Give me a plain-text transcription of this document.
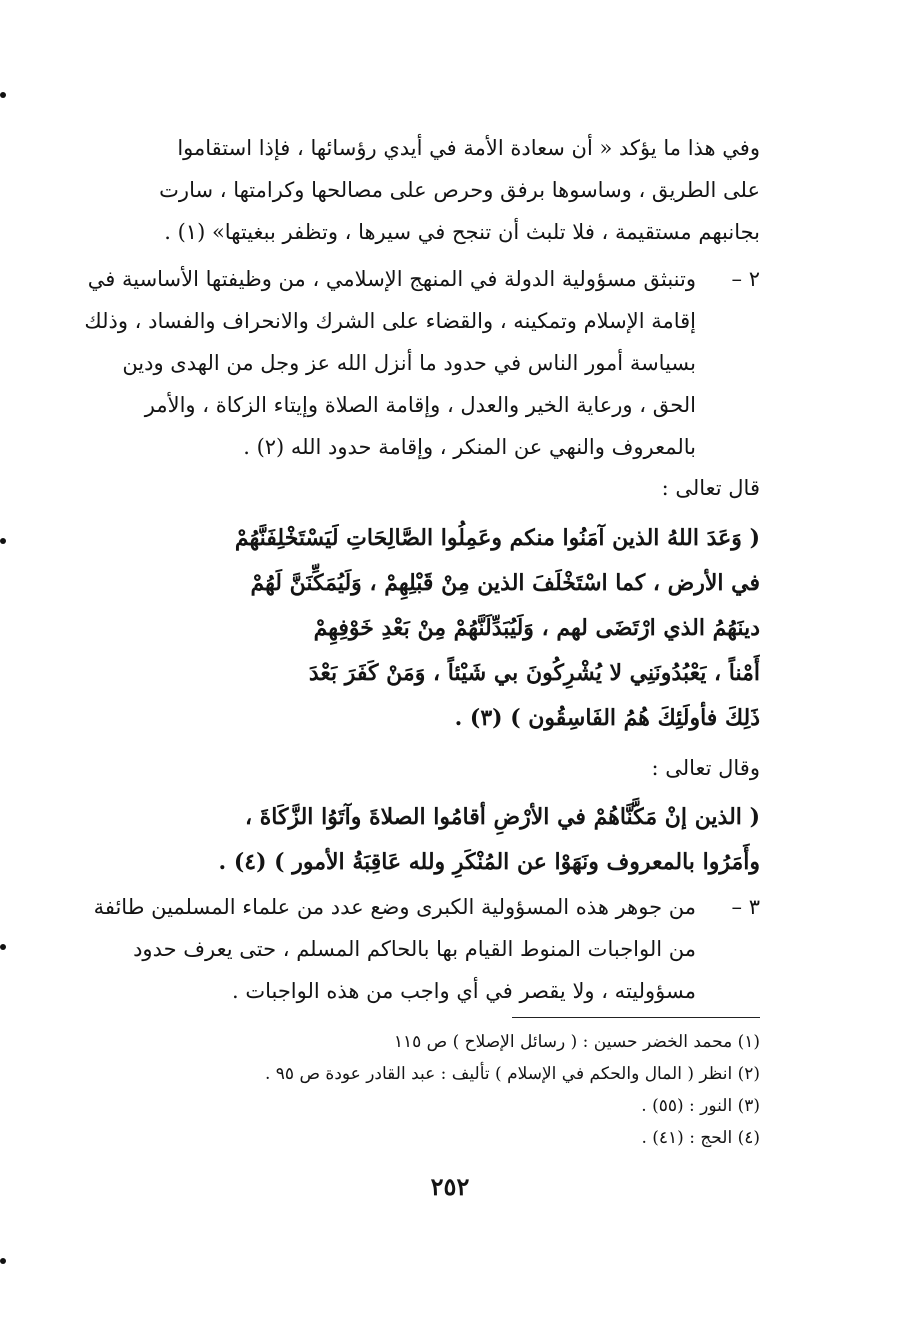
وفي هذا ما يؤكد « أن سعادة الأمة في أيدي رؤسائها ، فإذا استقاموا
على الطريق ، وساسوها برفق وحرص على مصالحها وكرامتها ، سارت
بجانبهم مستقيمة ، فلا تلبث أن تنجح في سيرها ، وتظفر ببغيتها» (١) .
٢ –
وتنبثق مسؤولية الدولة في المنهج الإسلامي ، من وظيفتها الأساسية في
إقامة الإسلام وتمكينه ، والقضاء على الشرك والانحراف والفساد ، وذلك
بسياسة أمور الناس في حدود ما أنزل الله عز وجل من الهدى ودين
الحق ، ورعاية الخير والعدل ، وإقامة الصلاة وإيتاء الزكاة ، والأمر
بالمعروف والنهي عن المنكر ، وإقامة حدود الله (٢) .
قال تعالى :
( وَعَدَ اللهُ الذين آمَنُوا منكم وعَمِلُوا الصَّالِحَاتِ لَيَسْتَخْلِفَنَّهُمْ
في الأرض ، كما اسْتَخْلَفَ الذين مِنْ قَبْلِهِمْ ، وَلَيُمَكِّنَنَّ لَهُمْ
دينَهُمُ الذي ارْتَضَى لهم ، وَلَيُبَدِّلَنَّهُمْ مِنْ بَعْدِ خَوْفِهِمْ
أَمْناً ، يَعْبُدُونَنِي لا يُشْرِكُونَ بي شَيْئاً ، وَمَنْ كَفَرَ بَعْدَ
ذَلِكَ فأولَئِكَ هُمُ الفَاسِقُون ) (٣) .
وقال تعالى :
( الذين إنْ مَكَّنَّاهُمْ في الأرْضِ أقامُوا الصلاةَ وآتَوُا الزَّكَاةَ ،
وأَمَرُوا بالمعروف ونَهَوْا عن المُنْكَرِ ولله عَاقِبَةُ الأمور ) (٤) .
٣ –
من جوهر هذه المسؤولية الكبرى وضع عدد من علماء المسلمين طائفة
من الواجبات المنوط القيام بها بالحاكم المسلم ، حتى يعرف حدود
مسؤوليته ، ولا يقصر في أي واجب من هذه الواجبات .
(١) محمد الخضر حسين : ( رسائل الإصلاح ) ص ١١٥
(٢) انظر ( المال والحكم في الإسلام ) تأليف : عبد القادر عودة ص ٩٥ .
(٣) النور : (٥٥) .
(٤) الحج : (٤١) .
٢٥٢
